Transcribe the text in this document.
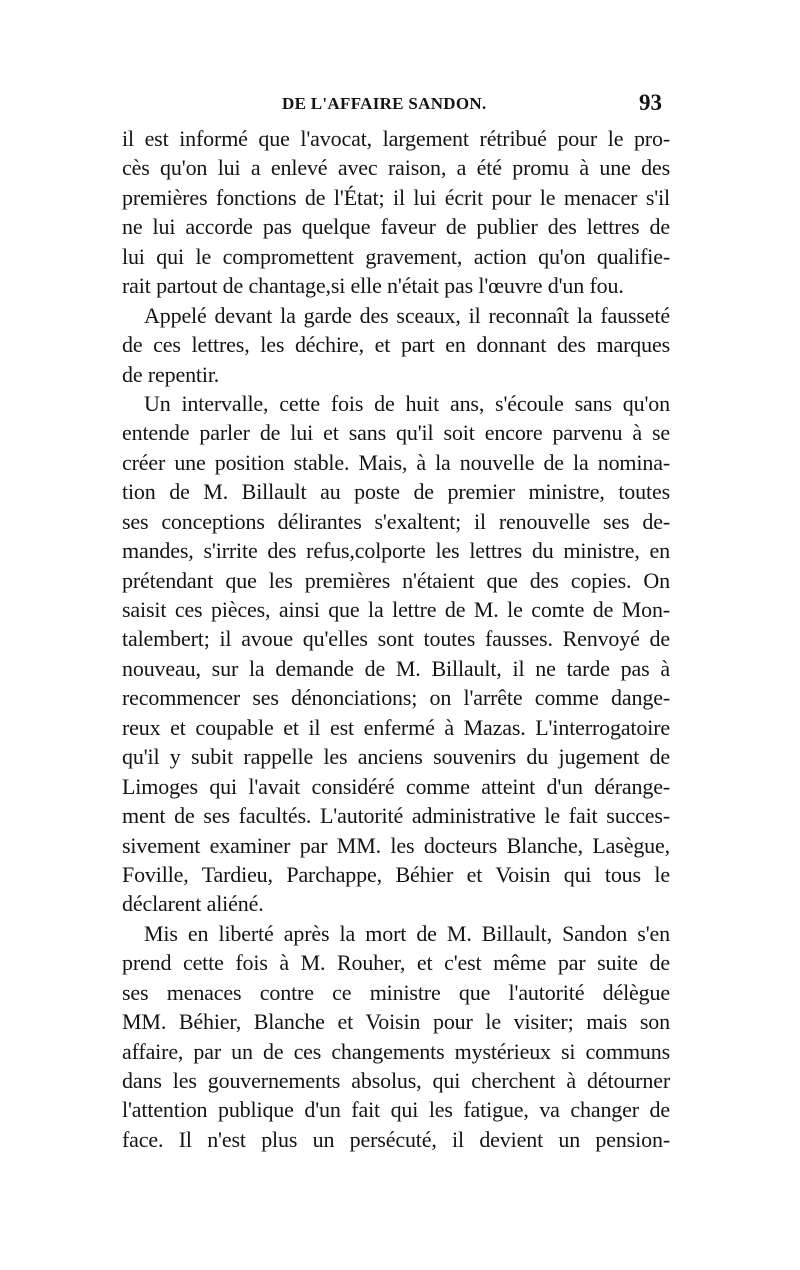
DE L'AFFAIRE SANDON.	93
il est informé que l'avocat, largement rétribué pour le pro-
cès qu'on lui a enlevé avec raison, a été promu à une des
premières fonctions de l'État; il lui écrit pour le menacer s'il
ne lui accorde pas quelque faveur de publier des lettres de
lui qui le compromettent gravement, action qu'on qualifie-
rait partout de chantage,si elle n'était pas l'œuvre d'un fou.
Appelé devant la garde des sceaux, il reconnaît la fausseté
de ces lettres, les déchire, et part en donnant des marques
de repentir.
Un intervalle, cette fois de huit ans, s'écoule sans qu'on
entende parler de lui et sans qu'il soit encore parvenu à se
créer une position stable. Mais, à la nouvelle de la nomina-
tion de M. Billault au poste de premier ministre, toutes
ses conceptions délirantes s'exaltent; il renouvelle ses de-
mandes, s'irrite des refus,colporte les lettres du ministre, en
prétendant que les premières n'étaient que des copies. On
saisit ces pièces, ainsi que la lettre de M. le comte de Mon-
talembert; il avoue qu'elles sont toutes fausses. Renvoyé de
nouveau, sur la demande de M. Billault, il ne tarde pas à
recommencer ses dénonciations; on l'arrête comme dange-
reux et coupable et il est enfermé à Mazas. L'interrogatoire
qu'il y subit rappelle les anciens souvenirs du jugement de
Limoges qui l'avait considéré comme atteint d'un dérange-
ment de ses facultés. L'autorité administrative le fait succes-
sivement examiner par MM. les docteurs Blanche, Lasègue,
Foville, Tardieu, Parchappe, Béhier et Voisin qui tous le
déclarent aliéné.
Mis en liberté après la mort de M. Billault, Sandon s'en
prend cette fois à M. Rouher, et c'est même par suite de
ses menaces contre ce ministre que l'autorité délègue
MM. Béhier, Blanche et Voisin pour le visiter; mais son
affaire, par un de ces changements mystérieux si communs
dans les gouvernements absolus, qui cherchent à détourner
l'attention publique d'un fait qui les fatigue, va changer de
face. Il n'est plus un persécuté, il devient un pension-
